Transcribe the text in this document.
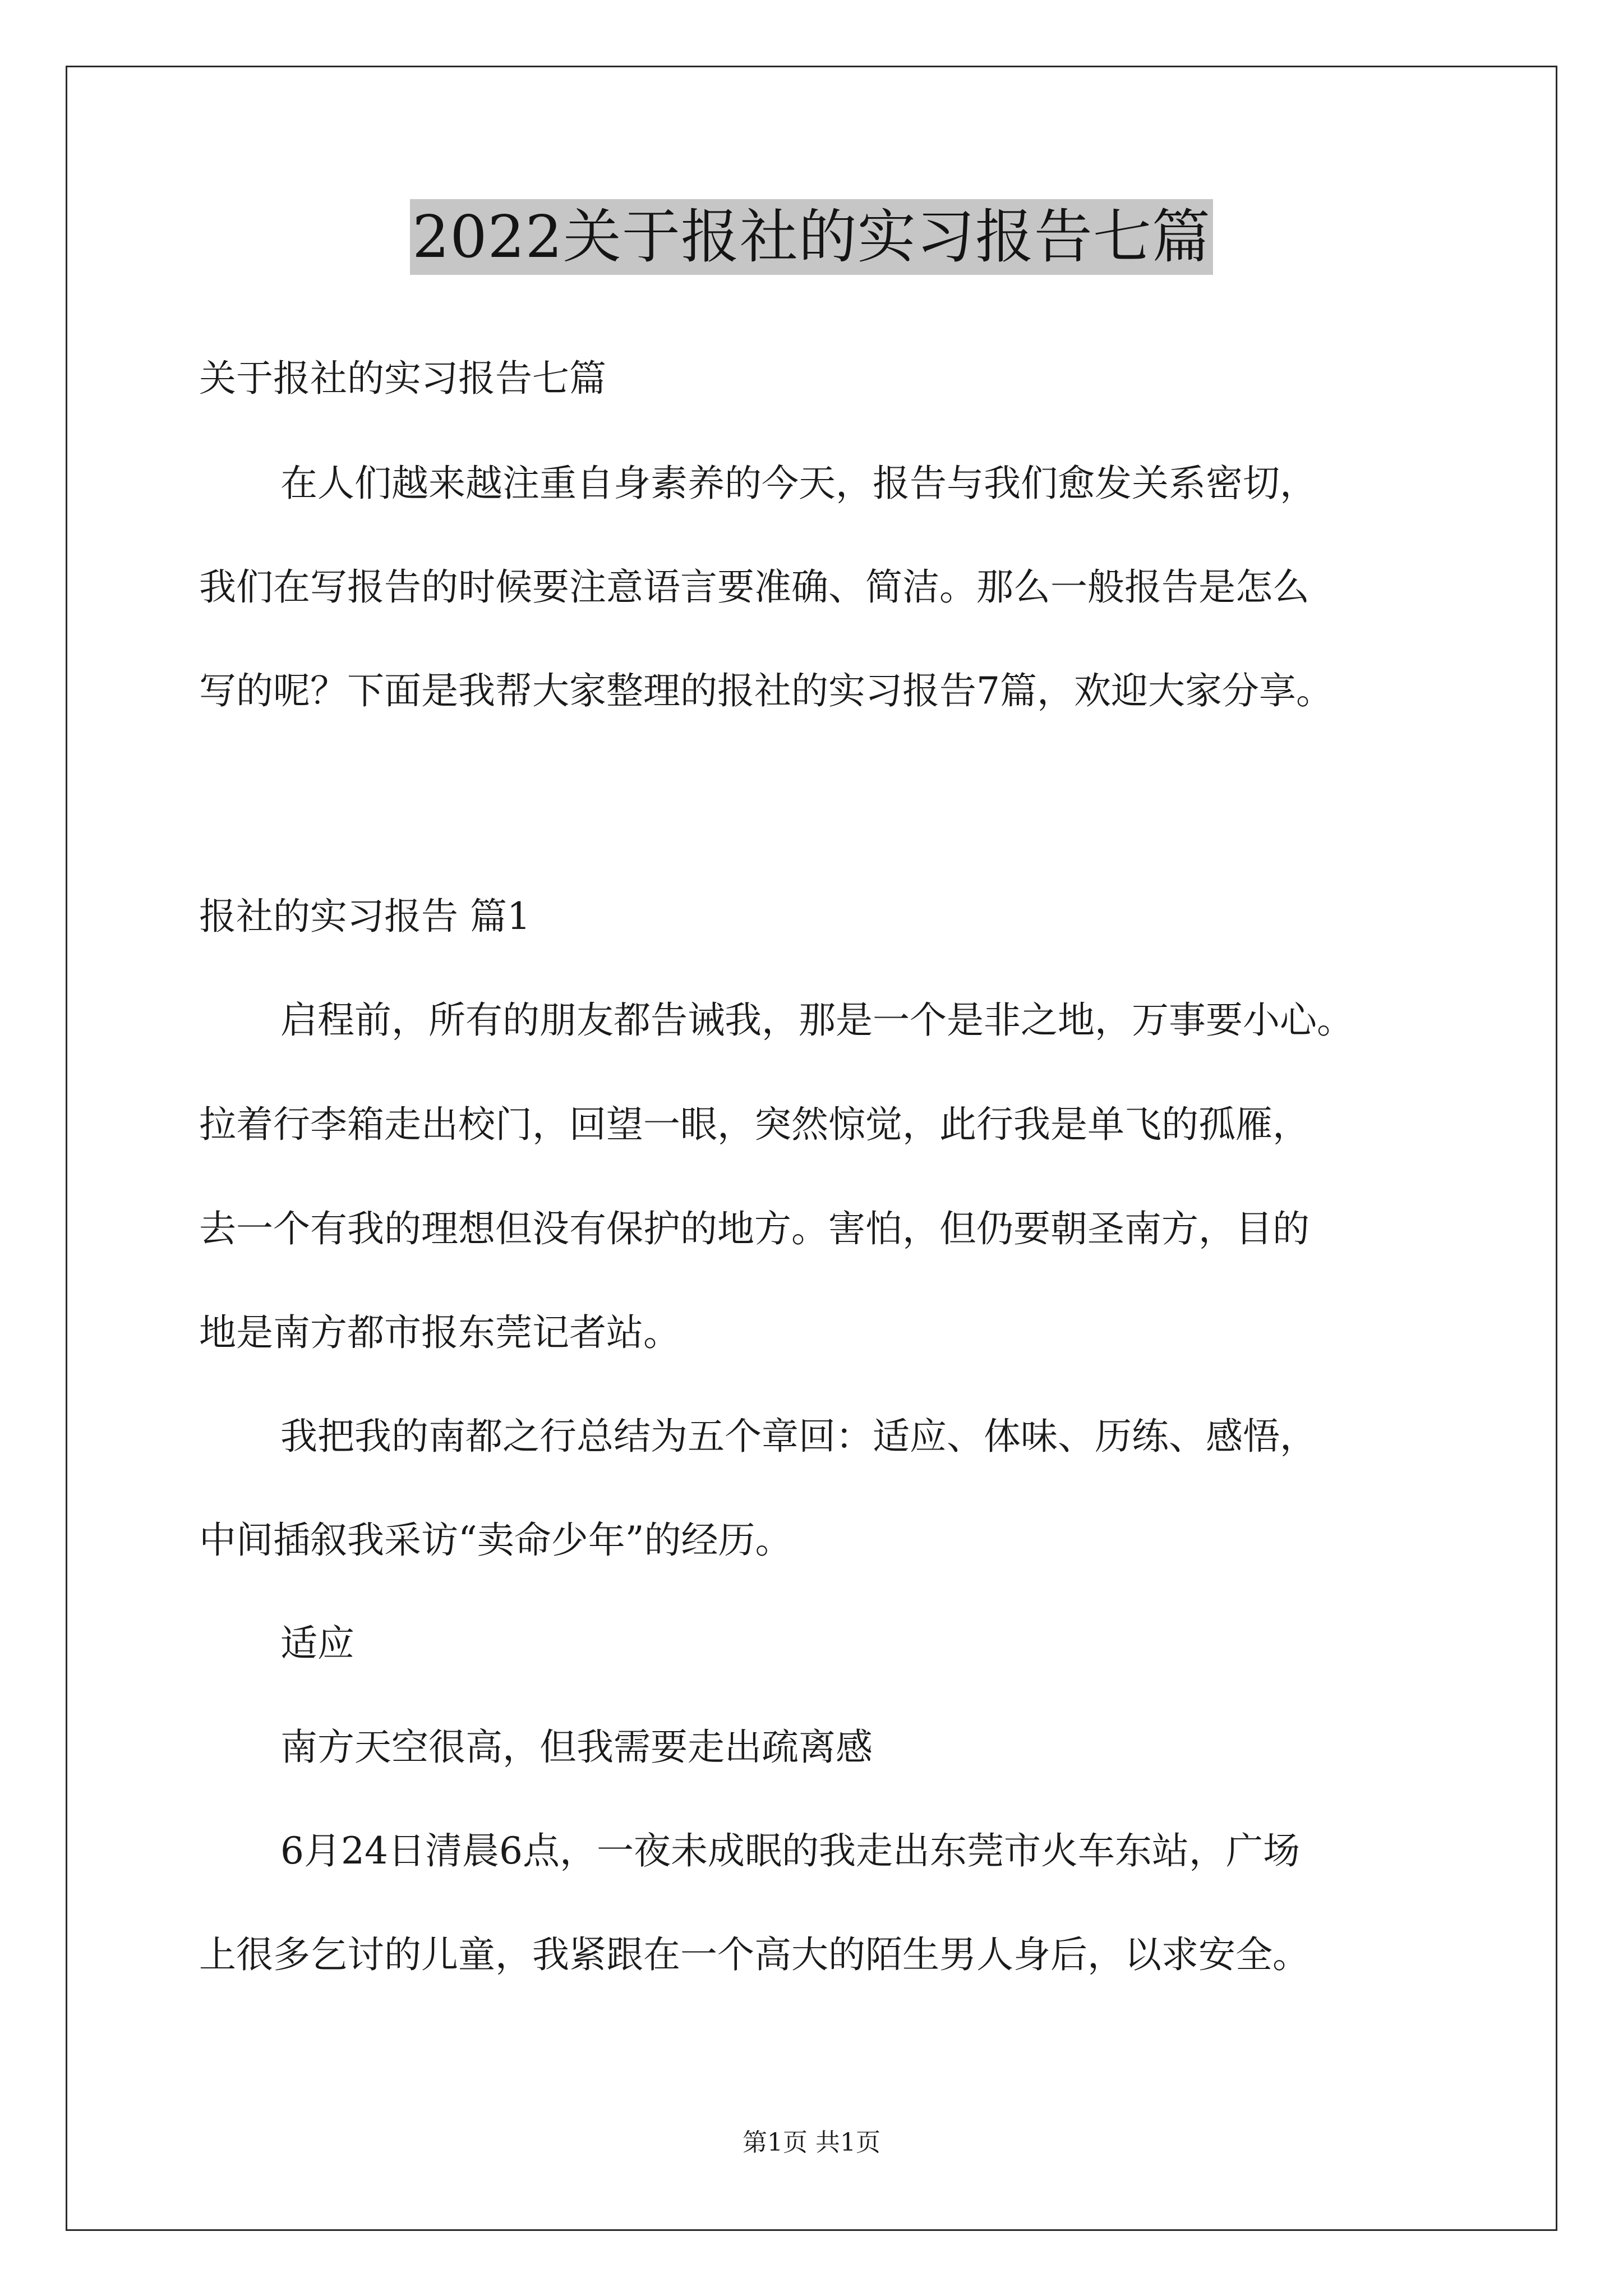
2022关于报社的实习报告七篇
关于报社的实习报告七篇
在人们越来越注重自身素养的今天，报告与我们愈发关系密切，
我们在写报告的时候要注意语言要准确、简洁。那么一般报告是怎么
写的呢？下面是我帮大家整理的报社的实习报告7篇，欢迎大家分享。
报社的实习报告 篇1
启程前，所有的朋友都告诫我，那是一个是非之地，万事要小心。
拉着行李箱走出校门，回望一眼，突然惊觉，此行我是单飞的孤雁，
去一个有我的理想但没有保护的地方。害怕，但仍要朝圣南方，目的
地是南方都市报东莞记者站。
我把我的南都之行总结为五个章回：适应、体味、历练、感悟，
中间插叙我采访“卖命少年”的经历。
适应
南方天空很高，但我需要走出疏离感
6月24日清晨6点，一夜未成眠的我走出东莞市火车东站，广场
上很多乞讨的儿童，我紧跟在一个高大的陌生男人身后，以求安全。
第1页 共1页
